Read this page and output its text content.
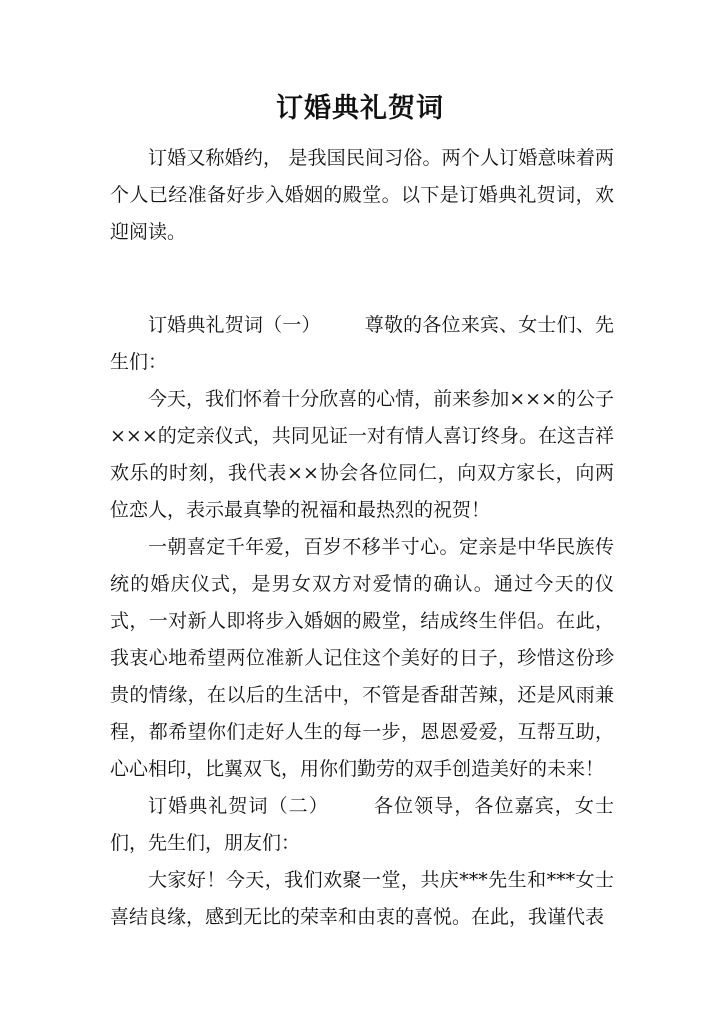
订婚典礼贺词

订婚又称婚约， 是我国民间习俗。两个人订婚意味着两个人已经准备好步入婚姻的殿堂。以下是订婚典礼贺词，欢迎阅读。

订婚典礼贺词（一） 尊敬的各位来宾、女士们、先生们：

今天，我们怀着十分欣喜的心情，前来参加×××的公子×××的定亲仪式，共同见证一对有情人喜订终身。在这吉祥欢乐的时刻，我代表××协会各位同仁，向双方家长，向两位恋人，表示最真挚的祝福和最热烈的祝贺！

一朝喜定千年爱，百岁不移半寸心。定亲是中华民族传统的婚庆仪式，是男女双方对爱情的确认。通过今天的仪式，一对新人即将步入婚姻的殿堂，结成终生伴侣。在此，我衷心地希望两位准新人记住这个美好的日子，珍惜这份珍贵的情缘，在以后的生活中，不管是香甜苦辣，还是风雨兼程，都希望你们走好人生的每一步，恩恩爱爱，互帮互助，心心相印，比翼双飞，用你们勤劳的双手创造美好的未来！

订婚典礼贺词（二） 各位领导，各位嘉宾，女士们，先生们，朋友们：

大家好！今天，我们欢聚一堂，共庆***先生和***女士喜结良缘，感到无比的荣幸和由衷的喜悦。在此，我谨代表
